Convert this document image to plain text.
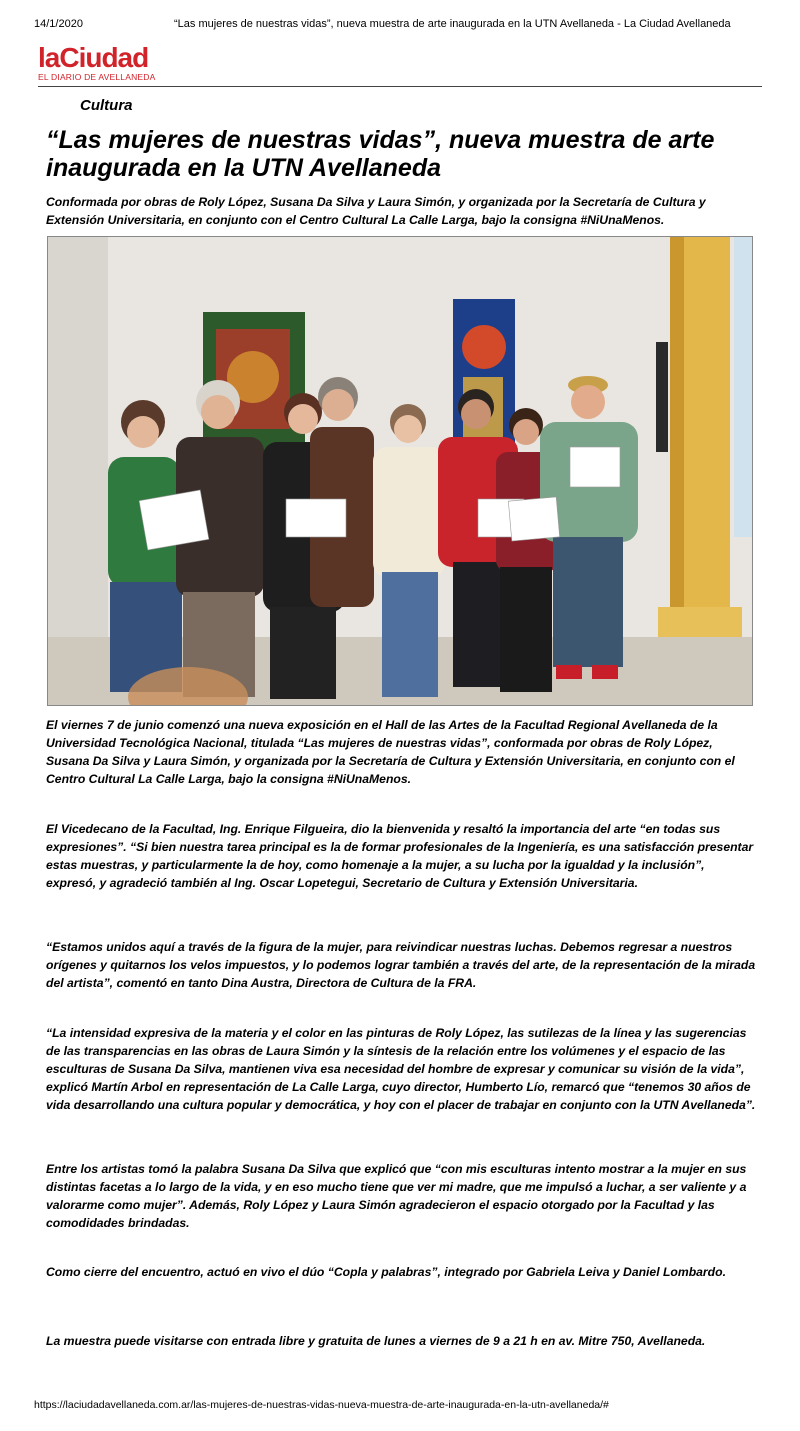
14/1/2020	“Las mujeres de nuestras vidas”, nueva muestra de arte inaugurada en la UTN Avellaneda - La Ciudad Avellaneda
laCiudad
EL DIARIO DE AVELLANEDA
Cultura
“Las mujeres de nuestras vidas”, nueva muestra de arte inaugurada en la UTN Avellaneda

Conformada por obras de Roly López, Susana Da Silva y Laura Simón, y organizada por la Secretaría de Cultura y Extensión Universitaria, en conjunto con el Centro Cultural La Calle Larga, bajo la consigna #NiUnaMenos.

El viernes 7 de junio comenzó una nueva exposición en el Hall de las Artes de la Facultad Regional Avellaneda de la Universidad Tecnológica Nacional, titulada “Las mujeres de nuestras vidas”, conformada por obras de Roly López, Susana Da Silva y Laura Simón, y organizada por la Secretaría de Cultura y Extensión Universitaria, en conjunto con el Centro Cultural La Calle Larga, bajo la consigna #NiUnaMenos.

El Vicedecano de la Facultad, Ing. Enrique Filgueira, dio la bienvenida y resaltó la importancia del arte “en todas sus expresiones”. “Si bien nuestra tarea principal es la de formar profesionales de la Ingeniería, es una satisfacción presentar estas muestras, y particularmente la de hoy, como homenaje a la mujer, a su lucha por la igualdad y la inclusión”, expresó, y agradeció también al Ing. Oscar Lopetegui, Secretario de Cultura y Extensión Universitaria.

“Estamos unidos aquí a través de la figura de la mujer, para reivindicar nuestras luchas. Debemos regresar a nuestros orígenes y quitarnos los velos impuestos, y lo podemos lograr también a través del arte, de la representación de la mirada del artista”, comentó en tanto Dina Austra, Directora de Cultura de la FRA.

“La intensidad expresiva de la materia y el color en las pinturas de Roly López, las sutilezas de la línea y las sugerencias de las transparencias en las obras de Laura Simón y la síntesis de la relación entre los volúmenes y el espacio de las esculturas de Susana Da Silva, mantienen viva esa necesidad del hombre de expresar y comunicar su visión de la vida”, explicó Martín Arbol en representación de La Calle Larga, cuyo director, Humberto Lío, remarcó que “tenemos 30 años de vida desarrollando una cultura popular y democrática, y hoy con el placer de trabajar en conjunto con la UTN Avellaneda”.

Entre los artistas tomó la palabra Susana Da Silva que explicó que “con mis esculturas intento mostrar a la mujer en sus distintas facetas a lo largo de la vida, y en eso mucho tiene que ver mi madre, que me impulsó a luchar, a ser valiente y a valorarme como mujer”. Además, Roly López y Laura Simón agradecieron el espacio otorgado por la Facultad y las comodidades brindadas.

Como cierre del encuentro, actuó en vivo el dúo “Copla y palabras”, integrado por Gabriela Leiva y Daniel Lombardo.

La muestra puede visitarse con entrada libre y gratuita de lunes a viernes de 9 a 21 h en av. Mitre 750, Avellaneda.

https://laciudadavellaneda.com.ar/las-mujeres-de-nuestras-vidas-nueva-muestra-de-arte-inaugurada-en-la-utn-avellaneda/#
